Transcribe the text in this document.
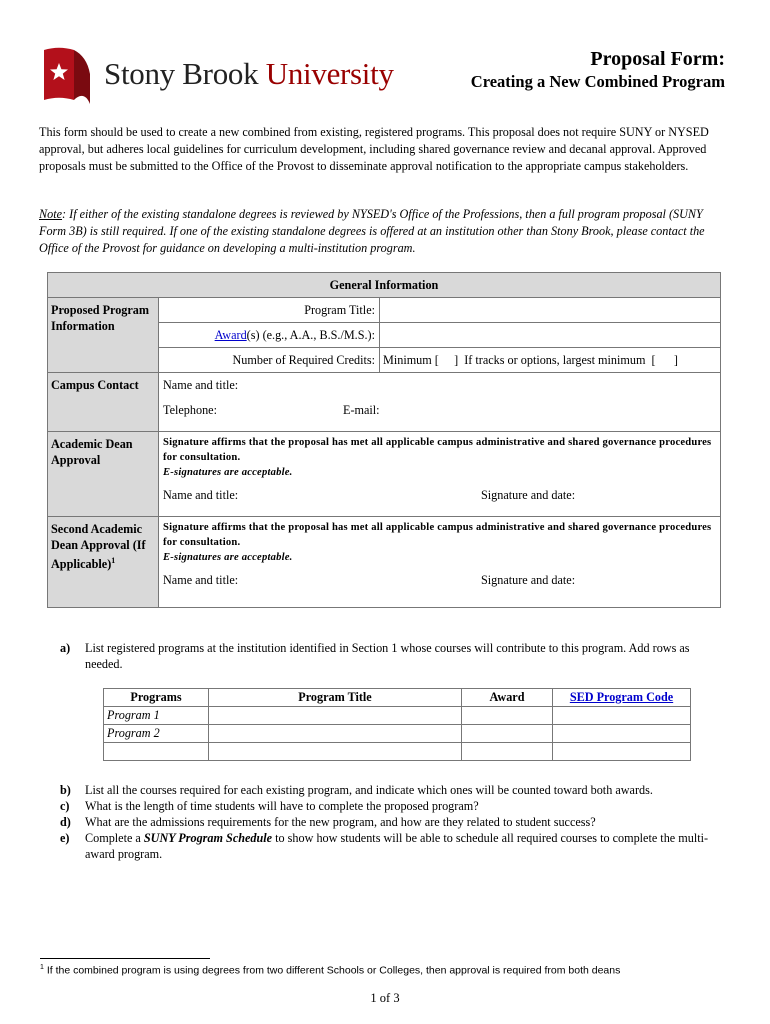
Stony Brook University	Proposal Form:
Creating a New Combined Program
This form should be used to create a new combined from existing, registered programs. This proposal does not require SUNY or NYSED approval, but adheres local guidelines for curriculum development, including shared governance review and decanal approval. Approved proposals must be submitted to the Office of the Provost to disseminate approval notification to the appropriate campus stakeholders.
Note: If either of the existing standalone degrees is reviewed by NYSED's Office of the Professions, then a full program proposal (SUNY Form 3B) is still required. If one of the existing standalone degrees is offered at an institution other than Stony Brook, please contact the Office of the Provost for guidance on developing a multi-institution program.
General Information		
Proposed Program Information	Program Title:	
	Award(s) (e.g., A.A., B.S./M.S.):	
	Number of Required Credits:	Minimum [     ]  If tracks or options, largest minimum  [      ]
Campus Contact	Name and title:
Telephone: E-mail:	

Academic Dean Approval	Signature affirms that the proposal has met all applicable campus administrative and shared governance procedures for consultation.
E-signatures are acceptable.
Name and title: Signature and date:	

Second Academic Dean Approval (If Applicable)$^1$	Signature affirms that the proposal has met all applicable campus administrative and shared governance procedures for consultation.
E-signatures are acceptable.
Name and title: Signature and date:	
a)	List registered programs at the institution identified in Section 1 whose courses will contribute to this program. Add rows as needed.
Programs	Program Title	Award	SED Program Code
Program 1			
Program 2			

b)	List all the courses required for each existing program, and indicate which ones will be counted toward both awards.
c)	What is the length of time students will have to complete the proposed program?
d)	What are the admissions requirements for the new program, and how are they related to student success?
e)	Complete a SUNY Program Schedule to show how students will be able to schedule all required courses to complete the multi-award program.
$^1$ If the combined program is using degrees from two different Schools or Colleges, then approval is required from both deans
1 of 3
